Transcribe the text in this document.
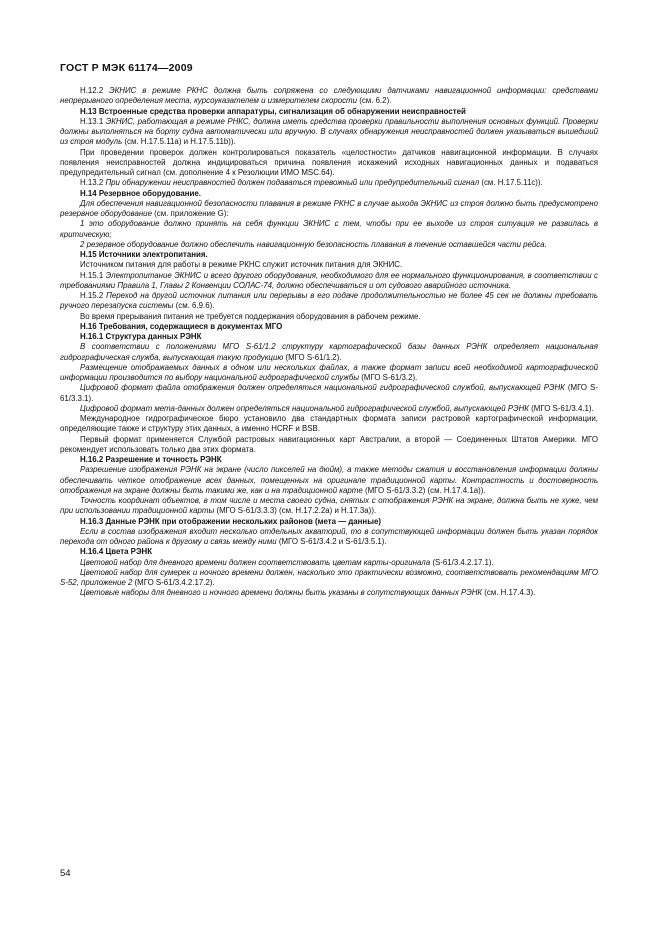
ГОСТ Р МЭК 61174—2009

Н.12.2 ЭКНИС в режиме РКНС должна быть сопряжена со следующими датчиками навигационной информации: средствами непрерывного определения места, курсоуказателем и измерителем скорости (см. 6.2).

Н.13 Встроенные средства проверки аппаратуры, сигнализация об обнаружении неисправностей

Н.13.1 ЭКНИС, работающая в режиме РНКС, должна иметь средства проверки правильности выполнения основных функций. Проверки должны выполняться на борту судна автоматически или вручную. В случаях обнаружения неисправностей должен указываться вышедший из строя модуль (см. Н.17.5.11а) и Н.17.5.11b)).

При проведении проверок должен контролироваться показатель «целостности» датчиков навигационной информации. В случаях появления неисправностей должна индицироваться причина появления искажений исходных навигационных данных и подаваться предупредительный сигнал (см. дополнение 4 к Резолюции ИМО MSC.64).

Н.13.2 При обнаружении неисправностей должен подаваться тревожный или предупредительный сигнал (см. Н.17.5.11с)).

Н.14 Резервное оборудование.

Для обеспечения навигационной безопасности плавания в режиме РКНС в случае выхода ЭКНИС из строя должно быть предусмотрено резервное оборудование (см. приложение G):

1 это оборудование должно принять на себя функции ЭКНИС с тем, чтобы при ее выходе из строя ситуация не развилась в критическую;

2 резервное оборудование должно обеспечить навигационную безопасность плавания в течение оставшейся части рейса.

Н.15 Источники электропитания.

Источником питания для работы в режиме РКНС служит источник питания для ЭКНИС.

Н.15.1 Электропитание ЭКНИС и всего другого оборудования, необходимого для ее нормального функционирования, в соответствии с требованиями Правила 1, Главы 2 Конвенции СОЛАС-74, должно обеспечиваться и от судового аварийного источника.

Н.15.2 Переход на другой источник питания или перерывы в его подаче продолжительностью не более 45 сек не должны требовать ручного перезапуска системы (см. 6.9.6).

Во время прерывания питания не требуется поддержания оборудования в рабочем режиме.

Н.16 Требования, содержащиеся в документах МГО

Н.16.1 Структура данных РЭНК

В соответствии с положениями МГО S-61/1.2 структуру картографической базы данных РЭНК определяет национальная гидрографическая служба, выпускающая такую продукцию (МГО S-61/1.2).

Размещение отображаемых данных в одном или нескольких файлах, а также формат записи всей необходимой картографической информации производится по выбору национальной гидрографической службы (МГО S-61/3.2).

Цифровой формат файла отображения должен определяться национальной гидрографической службой, выпускающей РЭНК (МГО S-61/3.3.1).

Цифровой формат мета-данных должен определяться национальной гидрографической службой, выпускающей РЭНК (МГО S-61/3.4.1).

Международное гидрографическое бюро установило два стандартных формата записи растровой картографической информации, определяющие также и структуру этих данных, а именно HCRF и BSB.

Первый формат применяется Службой растровых навигационных карт Австралии, а второй — Соединенных Штатов Америки. МГО рекомендует использовать только два этих формата.

Н.16.2 Разрешение и точность РЭНК

Разрешение изображения РЭНК на экране (число пикселей на дюйм), а также методы сжатия и восстановления информации должны обеспечивать четкое отображение всех данных, помещенных на оригинале традиционной карты. Контрастность и достоверность отображения на экране должны быть такими же, как и на традиционной карте (МГО S-61/3.3.2) (см. Н.17.4.1а)).

Точность координат объектов, в том числе и места своего судна, снятых с отображения РЭНК на экране, должна быть не хуже, чем при использовании традиционной карты (МГО S-61/3.3.3) (см. Н.17.2.2а) и Н.17.3а)).

Н.16.3 Данные РЭНК при отображении нескольких районов (мета — данные)

Если в состав изображения входит несколько отдельных акваторий, то в сопутствующей информации должен быть указан порядок перехода от одного района к другому и связь между ними (МГО S-61/3.4.2 и S-61/3.5.1).

Н.16.4 Цвета РЭНК

Цветовой набор для дневного времени должен соответствовать цветам карты-оригинала (S-61/3.4.2.17.1).

Цветовой набор для сумерек и ночного времени должен, насколько это практически возможно, соответствовать рекомендациям МГО S-52, приложение 2 (МГО S-61/3.4.2.17.2).

Цветовые наборы для дневного и ночного времени должны быть указаны в сопутствующих данных РЭНК (см. Н.17.4.3).

54
